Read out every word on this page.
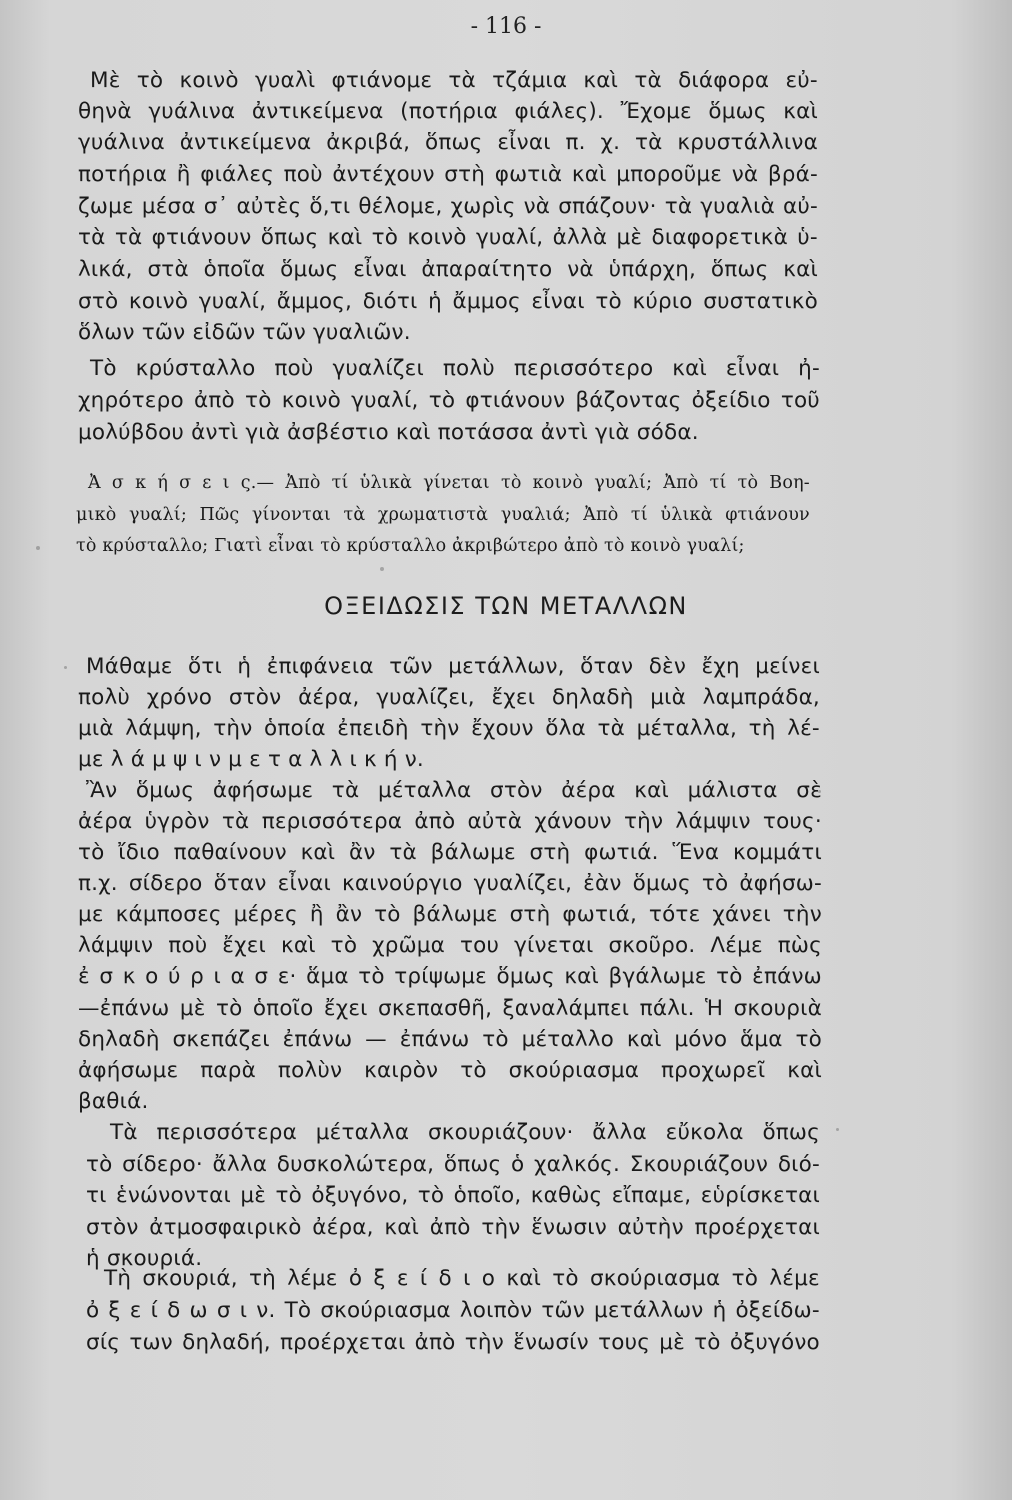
- 116 -
Μὲ τὸ κοινὸ γυαλὶ φτιάνομε τὰ τζάμια καὶ τὰ διάφορα εὐ-
θηνὰ γυάλινα ἀντικείμενα (ποτήρια φιάλες). Ἔχομε ὅμως καὶ
γυάλινα ἀντικείμενα ἀκριβά, ὅπως εἶναι π. χ. τὰ κρυστάλλινα
ποτήρια ἢ φιάλες ποὺ ἀντέχουν στὴ φωτιὰ καὶ μποροῦμε νὰ βρά-
ζωμε μέσα σ᾿ αὐτὲς ὅ,τι θέλομε, χωρὶς νὰ σπάζουν· τὰ γυαλιὰ αὐ-
τὰ τὰ φτιάνουν ὅπως καὶ τὸ κοινὸ γυαλί, ἀλλὰ μὲ διαφορετικὰ ὑ-
λικά, στὰ ὁποῖα ὅμως εἶναι ἀπαραίτητο νὰ ὑπάρχη, ὅπως καὶ
στὸ κοινὸ γυαλί, ἄμμος, διότι ἡ ἄμμος εἶναι τὸ κύριο συστατικὸ
ὅλων τῶν εἰδῶν τῶν γυαλιῶν.
Τὸ κρύσταλλο ποὺ γυαλίζει πολὺ περισσότερο καὶ εἶναι ἠ-
χηρότερο ἀπὸ τὸ κοινὸ γυαλί, τὸ φτιάνουν βάζοντας ὀξείδιο τοῦ
μολύβδου ἀντὶ γιὰ ἀσβέστιο καὶ ποτάσσα ἀντὶ γιὰ σόδα.
Ἀ σ κ ή σ ε ι ς.— Ἀπὸ τί ὑλικὰ γίνεται τὸ κοινὸ γυαλί; Ἀπὸ τί τὸ Βοη-
μικὸ γυαλί; Πῶς γίνονται τὰ χρωματιστὰ γυαλιά; Ἀπὸ τί ὑλικὰ φτιάνουν
τὸ κρύσταλλο; Γιατὶ εἶναι τὸ κρύσταλλο ἀκριβώτερο ἀπὸ τὸ κοινὸ γυαλί;
ΟΞΕΙΔΩΣΙΣ ΤΩΝ ΜΕΤΑΛΛΩΝ
Μάθαμε ὅτι ἡ ἐπιφάνεια τῶν μετάλλων, ὅταν δὲν ἔχη μείνει
πολὺ χρόνο στὸν ἀέρα, γυαλίζει, ἔχει δηλαδὴ μιὰ λαμπράδα,
μιὰ λάμψη, τὴν ὁποία ἐπειδὴ τὴν ἔχουν ὅλα τὰ μέταλλα, τὴ λέ-
με λ ά μ ψ ι ν μ ε τ α λ λ ι κ ή ν.
Ἂν ὅμως ἀφήσωμε τὰ μέταλλα στὸν ἀέρα καὶ μάλιστα σὲ
ἀέρα ὑγρὸν τὰ περισσότερα ἀπὸ αὐτὰ χάνουν τὴν λάμψιν τους·
τὸ ἴδιο παθαίνουν καὶ ἂν τὰ βάλωμε στὴ φωτιά. Ἕνα κομμάτι
π.χ. σίδερο ὅταν εἶναι καινούργιο γυαλίζει, ἐὰν ὅμως τὸ ἀφήσω-
με κάμποσες μέρες ἢ ἂν τὸ βάλωμε στὴ φωτιά, τότε χάνει τὴν
λάμψιν ποὺ ἔχει καὶ τὸ χρῶμα του γίνεται σκοῦρο. Λέμε πὼς
ἐ σ κ ο ύ ρ ι α σ ε· ἅμα τὸ τρίψωμε ὅμως καὶ βγάλωμε τὸ ἐπάνω
—ἐπάνω μὲ τὸ ὁποῖο ἔχει σκεπασθῆ, ξαναλάμπει πάλι. Ἡ σκουριὰ
δηλαδὴ σκεπάζει ἐπάνω — ἐπάνω τὸ μέταλλο καὶ μόνο ἅμα τὸ
ἀφήσωμε παρὰ πολὺν καιρὸν τὸ σκούριασμα προχωρεῖ καὶ
βαθιά.
Τὰ περισσότερα μέταλλα σκουριάζουν· ἄλλα εὔκολα ὅπως
τὸ σίδερο· ἄλλα δυσκολώτερα, ὅπως ὁ χαλκός. Σκουριάζουν διό-
τι ἑνώνονται μὲ τὸ ὀξυγόνο, τὸ ὁποῖο, καθὼς εἴπαμε, εὑρίσκεται
στὸν ἀτμοσφαιρικὸ ἀέρα, καὶ ἀπὸ τὴν ἕνωσιν αὐτὴν προέρχεται
ἡ σκουριά.
Τὴ σκουριά, τὴ λέμε ὀ ξ ε ί δ ι ο καὶ τὸ σκούριασμα τὸ λέμε
ὀ ξ ε ί δ ω σ ι ν. Τὸ σκούριασμα λοιπὸν τῶν μετάλλων ἡ ὀξείδω-
σίς των δηλαδή, προέρχεται ἀπὸ τὴν ἕνωσίν τους μὲ τὸ ὀξυγόνο
